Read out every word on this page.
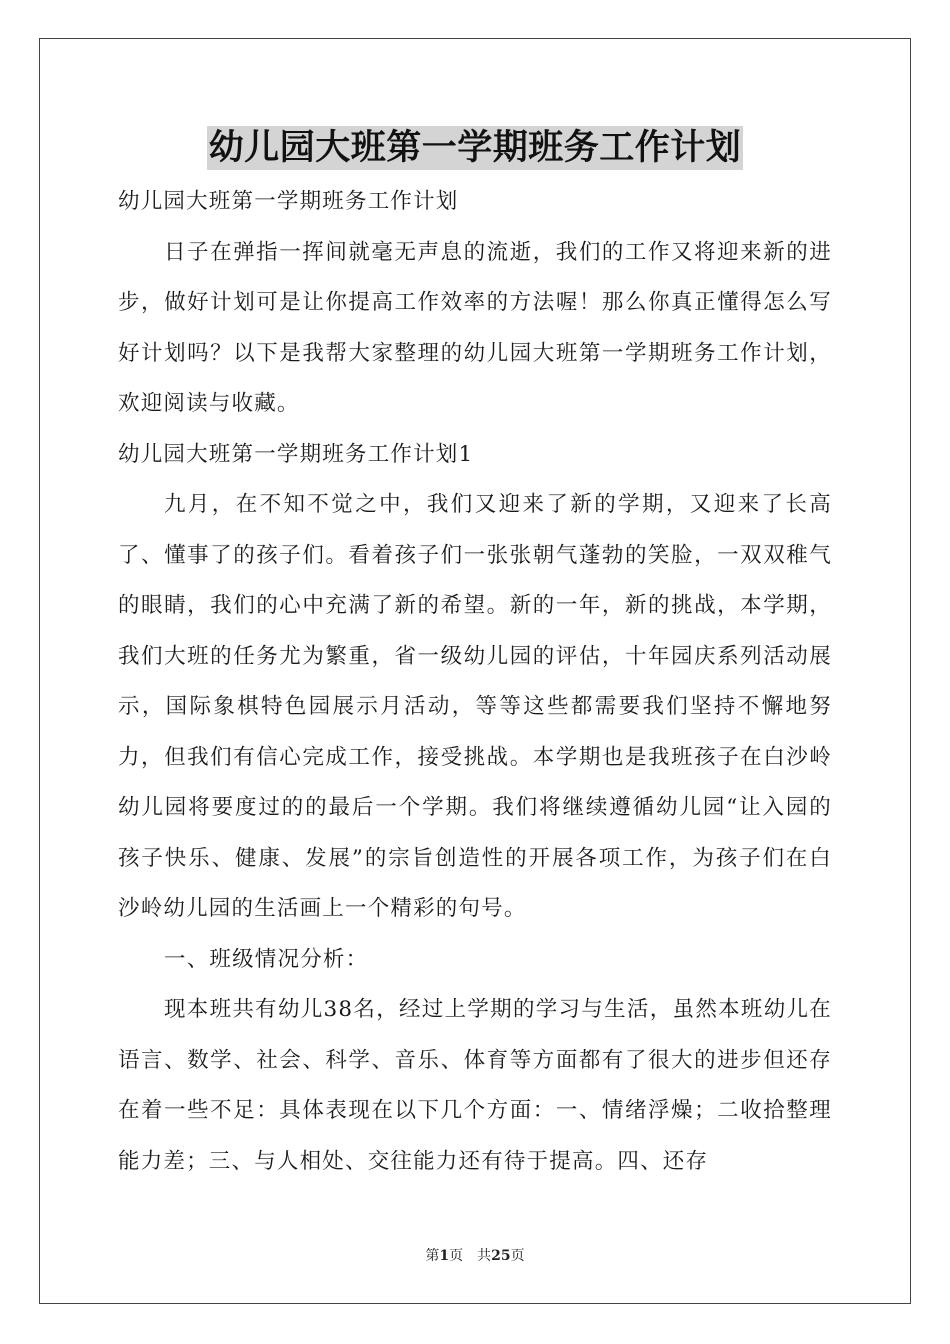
幼儿园大班第一学期班务工作计划

幼儿园大班第一学期班务工作计划

日子在弹指一挥间就毫无声息的流逝，我们的工作又将迎来新的进步，做好计划可是让你提高工作效率的方法喔！那么你真正懂得怎么写好计划吗？以下是我帮大家整理的幼儿园大班第一学期班务工作计划，欢迎阅读与收藏。

幼儿园大班第一学期班务工作计划1

九月，在不知不觉之中，我们又迎来了新的学期，又迎来了长高了、懂事了的孩子们。看着孩子们一张张朝气蓬勃的笑脸，一双双稚气的眼睛，我们的心中充满了新的希望。新的一年，新的挑战，本学期，我们大班的任务尤为繁重，省一级幼儿园的评估，十年园庆系列活动展示，国际象棋特色园展示月活动，等等这些都需要我们坚持不懈地努力，但我们有信心完成工作，接受挑战。本学期也是我班孩子在白沙岭幼儿园将要度过的的最后一个学期。我们将继续遵循幼儿园“让入园的孩子快乐、健康、发展”的宗旨创造性的开展各项工作，为孩子们在白沙岭幼儿园的生活画上一个精彩的句号。

一、班级情况分析：

现本班共有幼儿38名，经过上学期的学习与生活，虽然本班幼儿在语言、数学、社会、科学、音乐、体育等方面都有了很大的进步但还存在着一些不足：具体表现在以下几个方面：一、情绪浮燥；二收拾整理能力差；三、与人相处、交往能力还有待于提高。四、还存

第1页　共25页
